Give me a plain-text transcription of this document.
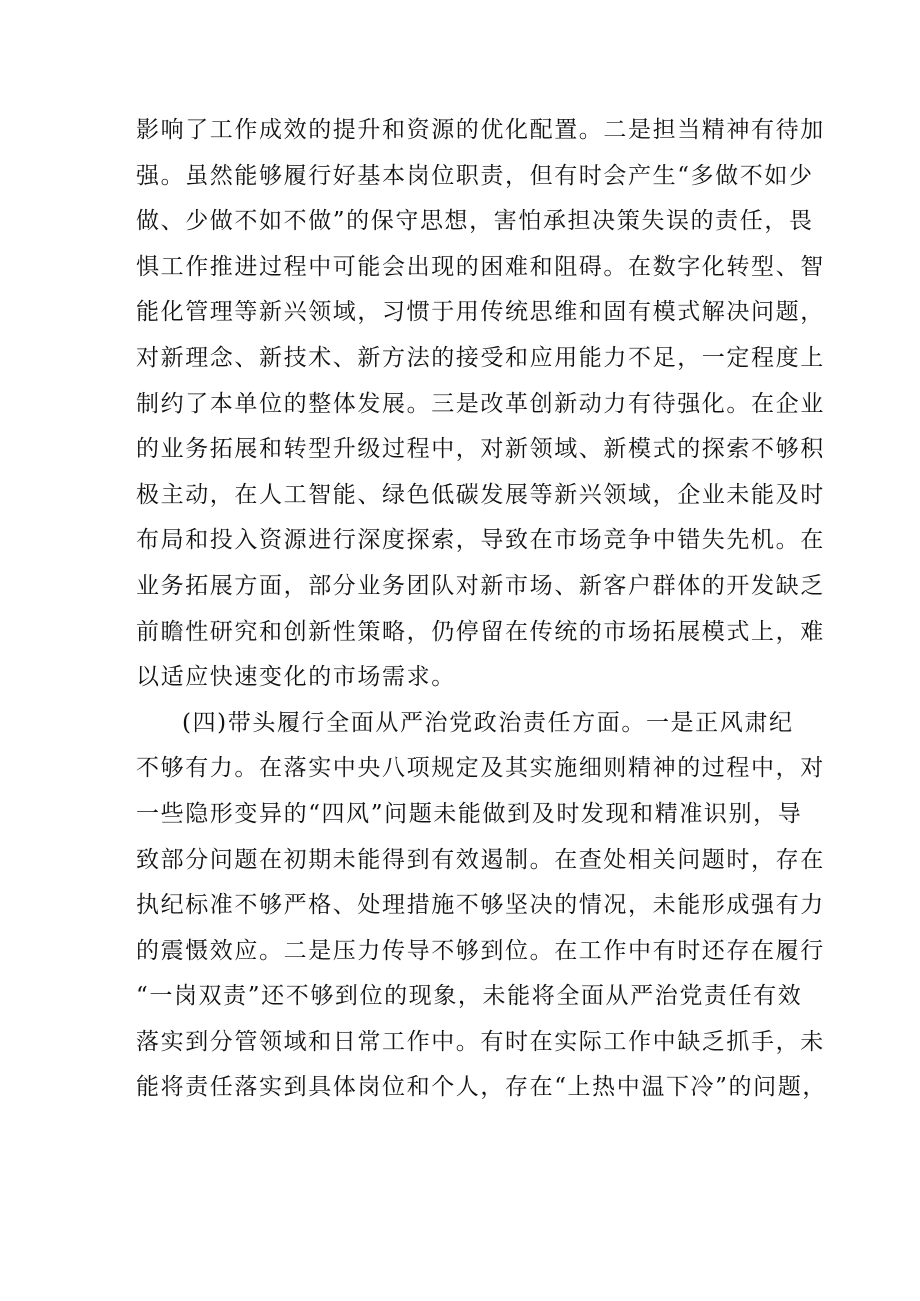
影响了工作成效的提升和资源的优化配置。二是担当精神有待加
强。虽然能够履行好基本岗位职责，但有时会产生“多做不如少
做、少做不如不做”的保守思想，害怕承担决策失误的责任，畏
惧工作推进过程中可能会出现的困难和阻碍。在数字化转型、智
能化管理等新兴领域，习惯于用传统思维和固有模式解决问题，
对新理念、新技术、新方法的接受和应用能力不足，一定程度上
制约了本单位的整体发展。三是改革创新动力有待强化。在企业
的业务拓展和转型升级过程中，对新领域、新模式的探索不够积
极主动，在人工智能、绿色低碳发展等新兴领域，企业未能及时
布局和投入资源进行深度探索，导致在市场竞争中错失先机。在
业务拓展方面，部分业务团队对新市场、新客户群体的开发缺乏
前瞻性研究和创新性策略，仍停留在传统的市场拓展模式上，难
以适应快速变化的市场需求。
(四)带头履行全面从严治党政治责任方面。一是正风肃纪
不够有力。在落实中央八项规定及其实施细则精神的过程中，对
一些隐形变异的“四风”问题未能做到及时发现和精准识别，导
致部分问题在初期未能得到有效遏制。在查处相关问题时，存在
执纪标准不够严格、处理措施不够坚决的情况，未能形成强有力
的震慑效应。二是压力传导不够到位。在工作中有时还存在履行
“一岗双责”还不够到位的现象，未能将全面从严治党责任有效
落实到分管领域和日常工作中。有时在实际工作中缺乏抓手，未
能将责任落实到具体岗位和个人，存在“上热中温下冷”的问题，
